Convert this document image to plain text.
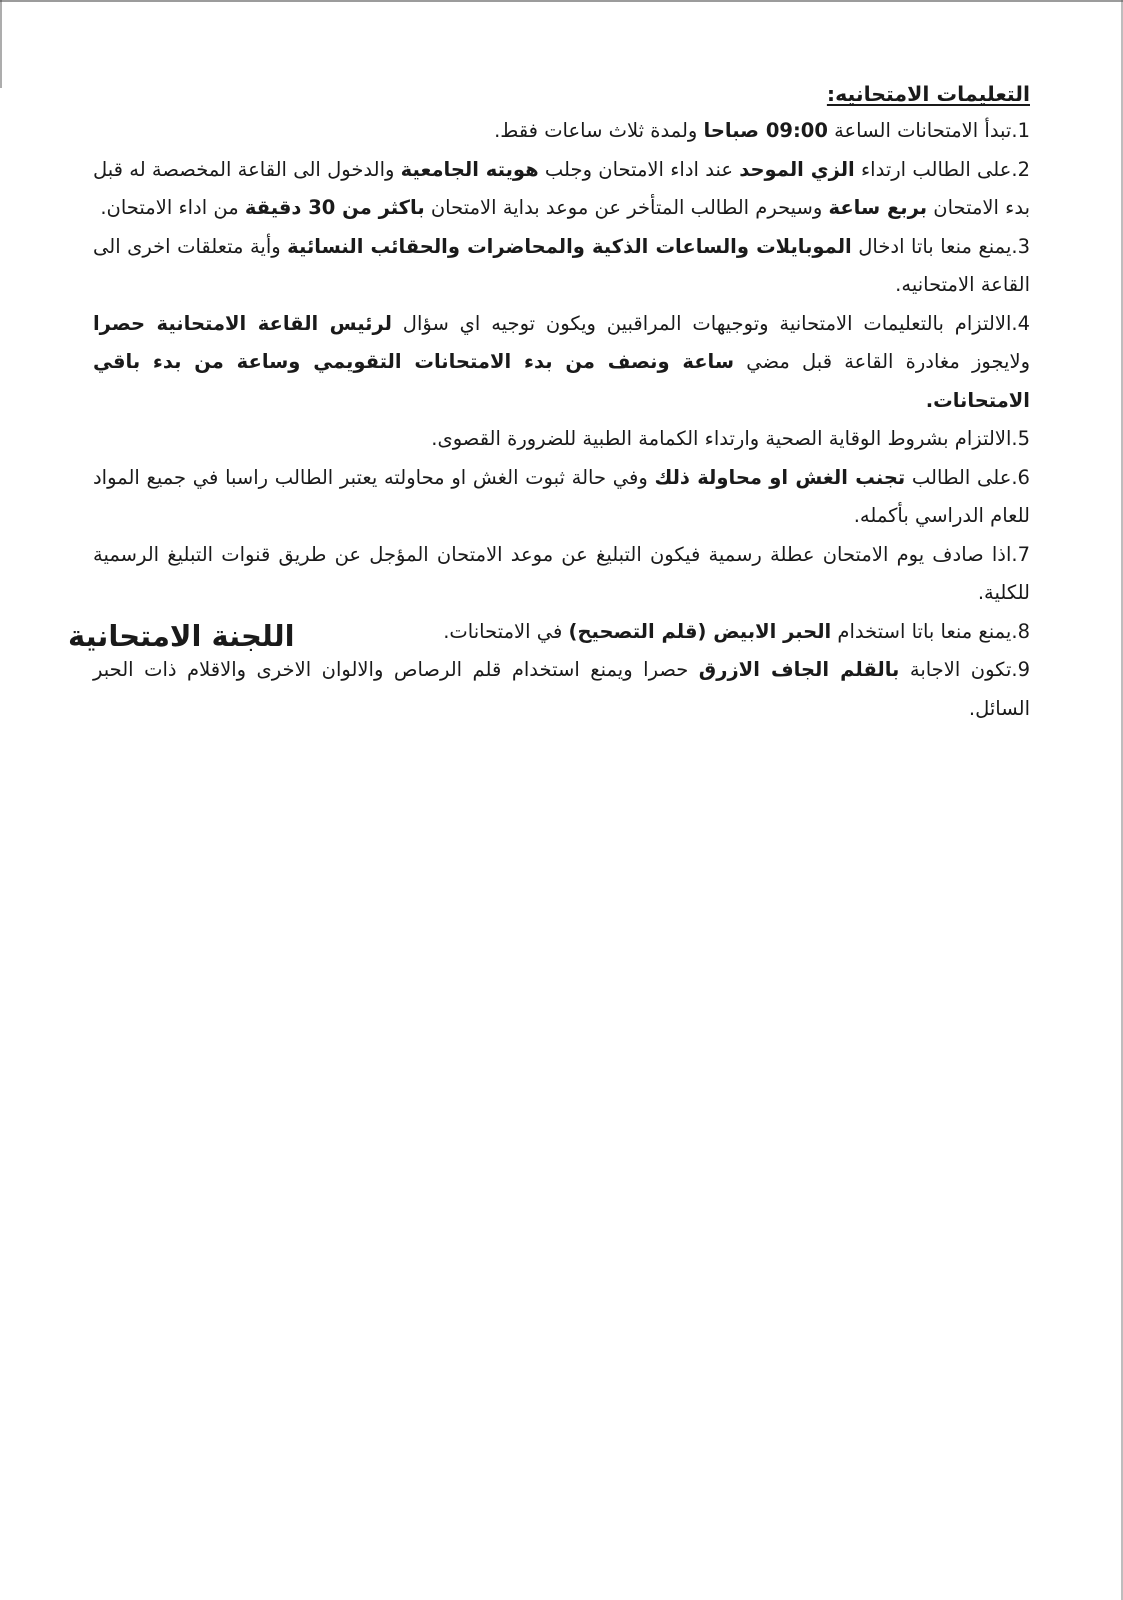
التعليمات الامتحانيه:

1.تبدأ الامتحانات الساعة 09:00 صباحا ولمدة ثلاث ساعات فقط.

2.على الطالب ارتداء الزي الموحد عند اداء الامتحان وجلب هويته الجامعية والدخول الى القاعة المخصصة له قبل بدء الامتحان بربع ساعة وسيحرم الطالب المتأخر عن موعد بداية الامتحان باكثر من 30 دقيقة من اداء الامتحان.

3.يمنع منعا باتا ادخال الموبايلات والساعات الذكية والمحاضرات والحقائب النسائية وأية متعلقات اخرى الى القاعة الامتحانيه.

4.الالتزام بالتعليمات الامتحانية وتوجيهات المراقبين ويكون توجيه اي سؤال لرئيس القاعة الامتحانية حصرا ولايجوز مغادرة القاعة قبل مضي ساعة ونصف من بدء الامتحانات التقويمي وساعة من بدء باقي الامتحانات.

5.الالتزام بشروط الوقاية الصحية وارتداء الكمامة الطبية للضرورة القصوى.

6.على الطالب تجنب الغش او محاولة ذلك وفي حالة ثبوت الغش او محاولته يعتبر الطالب راسبا في جميع المواد للعام الدراسي بأكمله.

7.اذا صادف يوم الامتحان عطلة رسمية فيكون التبليغ عن موعد الامتحان المؤجل عن طريق قنوات التبليغ الرسمية للكلية.

8.يمنع منعا باتا استخدام الحبر الابيض (قلم التصحيح) في الامتحانات.

9.تكون الاجابة بالقلم الجاف الازرق حصرا ويمنع استخدام قلم الرصاص والالوان الاخرى والاقلام ذات الحبر السائل.

اللجنة الامتحانية
